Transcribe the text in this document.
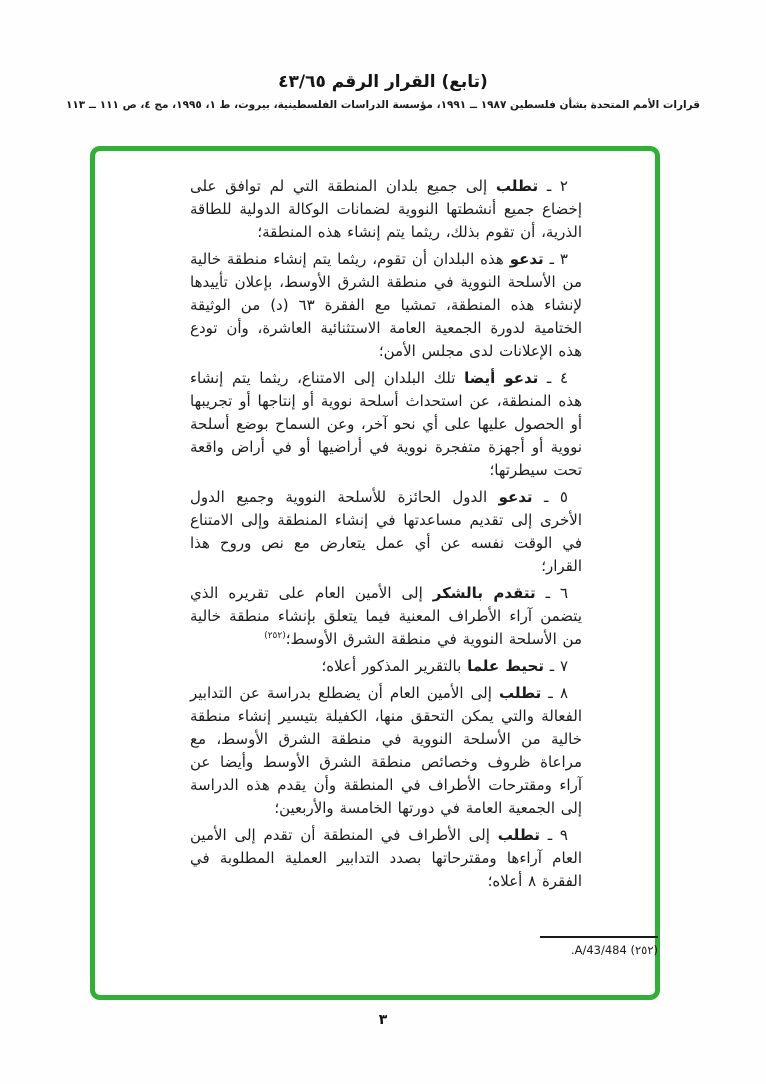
(تابع) القرار الرقم ٤٣/٦٥
قرارات الأمم المتحدة بشأن فلسطين ١٩٨٧ ــ ١٩٩١، مؤسسة الدراسات الفلسطينية، بيروت، ط ١، ١٩٩٥، مج ٤، ص ١١١ ــ ١١٣

٢ ـ تطلب إلى جميع بلدان المنطقة التي لم توافق على إخضاع جميع أنشطتها النووية لضمانات الوكالة الدولية للطاقة الذرية، أن تقوم بذلك، ريثما يتم إنشاء هذه المنطقة؛

٣ ـ تدعو هذه البلدان أن تقوم، ريثما يتم إنشاء منطقة خالية من الأسلحة النووية في منطقة الشرق الأوسط، بإعلان تأييدها لإنشاء هذه المنطقة، تمشيا مع الفقرة ٦٣ (د) من الوثيقة الختامية لدورة الجمعية العامة الاستثنائية العاشرة، وأن تودع هذه الإعلانات لدى مجلس الأمن؛

٤ ـ تدعو أيضا تلك البلدان إلى الامتناع، ريثما يتم إنشاء هذه المنطقة، عن استحداث أسلحة نووية أو إنتاجها أو تجريبها أو الحصول عليها على أي نحو آخر، وعن السماح بوضع أسلحة نووية أو أجهزة متفجرة نووية في أراضيها أو في أراض واقعة تحت سيطرتها؛

٥ ـ تدعو الدول الحائزة للأسلحة النووية وجميع الدول الأخرى إلى تقديم مساعدتها في إنشاء المنطقة وإلى الامتناع في الوقت نفسه عن أي عمل يتعارض مع نص وروح هذا القرار؛

٦ ـ تتقدم بالشكر إلى الأمين العام على تقريره الذي يتضمن آراء الأطراف المعنية فيما يتعلق بإنشاء منطقة خالية من الأسلحة النووية في منطقة الشرق الأوسط؛$^{(٢٥٢)}$

٧ ـ تحيط علما بالتقرير المذكور أعلاه؛

٨ ـ تطلب إلى الأمين العام أن يضطلع بدراسة عن التدابير الفعالة والتي يمكن التحقق منها، الكفيلة بتيسير إنشاء منطقة خالية من الأسلحة النووية في منطقة الشرق الأوسط، مع مراعاة ظروف وخصائص منطقة الشرق الأوسط وأيضا عن آراء ومقترحات الأطراف في المنطقة وأن يقدم هذه الدراسة إلى الجمعية العامة في دورتها الخامسة والأربعين؛

٩ ـ تطلب إلى الأطراف في المنطقة أن تقدم إلى الأمين العام آراءها ومقترحاتها بصدد التدابير العملية المطلوبة في الفقرة ٨ أعلاه؛

(٢٥٢) A/43/484.
٣
